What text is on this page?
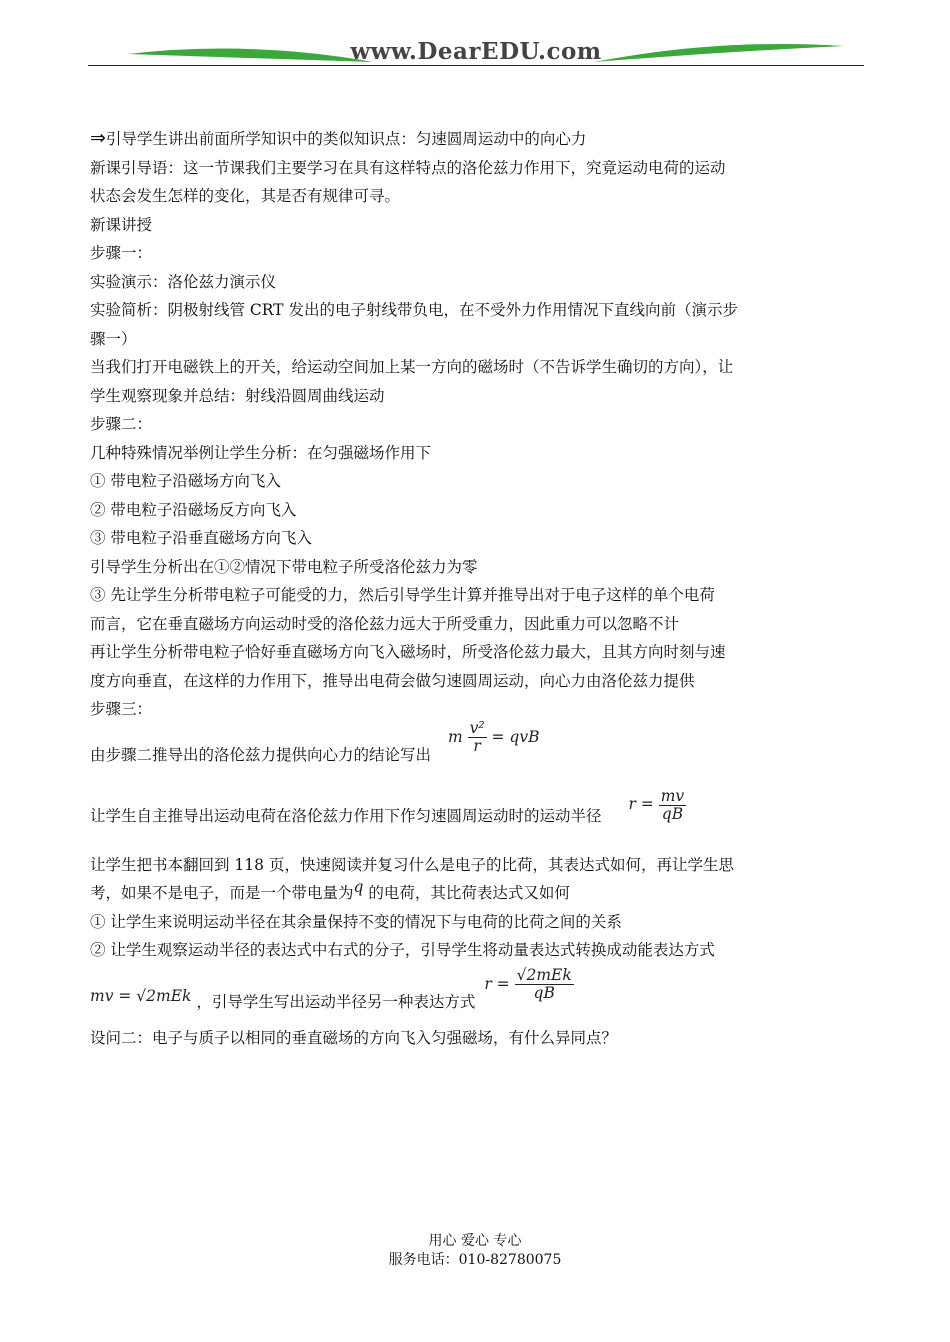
www.DearEDU.com

⇒引导学生讲出前面所学知识中的类似知识点：匀速圆周运动中的向心力

新课引导语：这一节课我们主要学习在具有这样特点的洛伦兹力作用下，究竟运动电荷的运动

状态会发生怎样的变化，其是否有规律可寻。

新课讲授

步骤一：

实验演示：洛伦兹力演示仪

实验简析：阴极射线管 CRT 发出的电子射线带负电，在不受外力作用情况下直线向前（演示步

骤一）

当我们打开电磁铁上的开关，给运动空间加上某一方向的磁场时（不告诉学生确切的方向），让

学生观察现象并总结：射线沿圆周曲线运动

步骤二：

几种特殊情况举例让学生分析：在匀强磁场作用下

① 带电粒子沿磁场方向飞入

② 带电粒子沿磁场反方向飞入

③ 带电粒子沿垂直磁场方向飞入

引导学生分析出在①②情况下带电粒子所受洛伦兹力为零

③ 先让学生分析带电粒子可能受的力，然后引导学生计算并推导出对于电子这样的单个电荷

而言，它在垂直磁场方向运动时受的洛伦兹力远大于所受重力，因此重力可以忽略不计

再让学生分析带电粒子恰好垂直磁场方向飞入磁场时，所受洛伦兹力最大，且其方向时刻与速

度方向垂直，在这样的力作用下，推导出电荷会做匀速圆周运动，向心力由洛伦兹力提供

步骤三：

由步骤二推导出的洛伦兹力提供向心力的结论写出 m $\frac{\text{v²}}{r}$ = qvB

让学生自主推导出运动电荷在洛伦兹力作用下作匀速圆周运动时的运动半径 $r = \frac{mv}{qB}$

让学生把书本翻回到 118 页，快速阅读并复习什么是电子的比荷，其表达式如何，再让学生思

考，如果不是电子，而是一个带电量为q 的电荷，其比荷表达式又如何

① 让学生来说明运动半径在其余量保持不变的情况下与电荷的比荷之间的关系

② 让学生观察运动半径的表达式中右式的分子，引导学生将动量表达式转换成动能表达方式

mv = √2mEk ，引导学生写出运动半径另一种表达方式 $r = \frac{\text{√2mEk}}{qB}$

设问二：电子与质子以相同的垂直磁场的方向飞入匀强磁场，有什么异同点？

用心 爱心 专心
服务电话：010-82780075
